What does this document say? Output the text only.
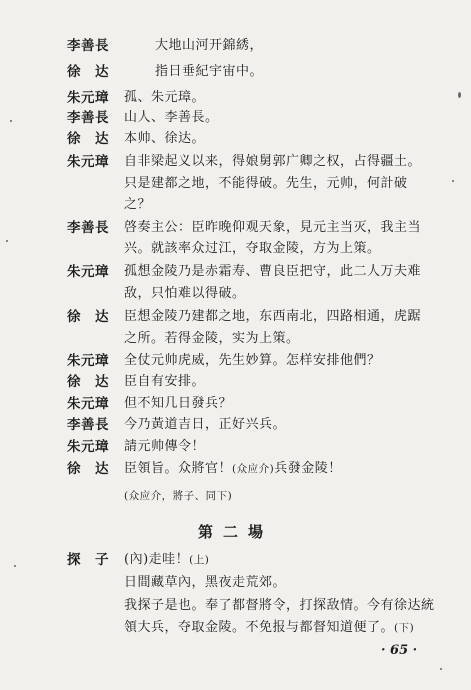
李善長	大地山河开錦綉，
徐　达	指日垂紀宇宙中。
朱元璋 孤、朱元璋。
李善長 山人、李善長。
徐　达 本帅、徐达。
朱元璋 自非梁起义以来，得娘舅郭广卿之权，占得疆土。
只是建都之地，不能得破。先生，元帅，何計破
之？
李善長 啓奏主公：臣昨晚仰观天象，見元主当灭，我主当
兴。就該率众过江，夺取金陵，方为上策。
朱元璋 孤想金陵乃是赤霜寿、曹良臣把守，此二人万夫难
敌，只怕难以得破。
徐　达 臣想金陵乃建都之地，东西南北，四路相通，虎踞
之所。若得金陵，实为上策。
朱元璋 全仗元帅虎威，先生妙算。怎样安排他們？
徐　达 臣自有安排。
朱元璋 但不知几日發兵？
李善長 今乃黃道吉日，正好兴兵。
朱元璋 請元帅傳令！
徐　达 臣領旨。众將官！(众应介)兵發金陵！
(众应介，將子、同下)
第二場
探　子 (內)走哇！(上)
日間藏草內，黑夜走荒郊。
我探子是也。奉了都督將令，打探敌情。今有徐达統
領大兵，夺取金陵。不免报与都督知道便了。(下)
· 65 ·
